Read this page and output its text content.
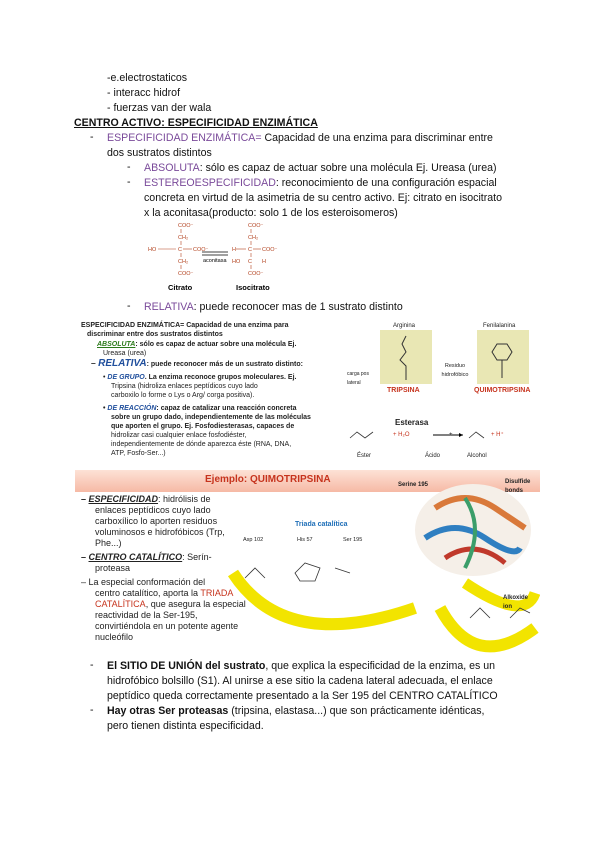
-e.electrostaticos
- interacc hidrof
- fuerzas van der wala
CENTRO ACTIVO: ESPECIFICIDAD ENZIMÁTICA
- ESPECIFICIDAD ENZIMÁTICA= Capacidad de una enzima para discriminar entre
dos sustratos distintos
- ABSOLUTA: sólo es capaz de actuar sobre una molécula Ej. Ureasa (urea)
- ESTEREOESPECIFICIDAD: reconocimiento de una configuración espacial
concreta en virtud de la asimetria de su centro activo. Ej: citrato en isocitrato
x la aconitasa(producto: solo 1 de los esteroisomeros)
COO⁻
CH₂
HO	C COO⁻
CH₂
COO⁻
COO⁻
CH₂
H C COO⁻
HO C H
COO⁻
aconitasa
Citrato	Isocitrato
- RELATIVA: puede reconocer mas de 1 sustrato distinto
ESPECIFICIDAD ENZIMÁTICA= Capacidad de una enzima para
discriminar entre dos sustratos distintos
ABSOLUTA: sólo es capaz de actuar sobre una molécula Ej.
Ureasa (urea)
– RELATIVA: puede reconocer más de un sustrato distinto:
• DE GRUPO. La enzima reconoce grupos moleculares. Ej.
Tripsina (hidroliza enlaces peptídicos cuyo lado
carboxilo lo forme o Lys o Arg/ corga positiva).
• DE REACCIÓN: capaz de catalizar una reacción concreta
sobre un grupo dado, independientemente de las moléculas
que aporten el grupo. Ej. Fosfodiesterasas, capaces de
hidrolizar casi cualquier enlace fosfodiéster,
independientemente de dónde aparezca éste (RNA, DNA,
ATP, Fosfo-Ser...)
Arginina	Fenilalanina
Residuo hidrofóbico
carga pos lateral
TRIPSINA	QUIMOTRIPSINA
Esterasa
+ H₂O	+ H⁺
+
Éster	Ácido	Alcohol
Ejemplo: QUIMOTRIPSINA
– ESPECIFICIDAD: hidrólisis de
enlaces peptídicos cuyo lado
carboxílico lo aporten residuos
voluminosos e hidrofóbicos (Trp,
Phe...)
– CENTRO CATALÍTICO: Serín-
proteasa
– La especial conformación del
centro catalítico, aporta la TRIADA
CATALÍTICA, que asegura la especial
reactividad de la Ser-195,
convirtiéndola en un potente agente
nucleófilo
Triada catalítica
Asp 102	His 57	Ser 195
Serine 195	Disulfide bonds
Alkoxide ion
- El SITIO DE UNIÓN del sustrato, que explica la especificidad de la enzima, es un
hidrofóbico bolsillo (S1). Al unirse a ese sitio la cadena lateral adecuada, el enlace
peptídico queda correctamente presentado a la Ser 195 del CENTRO CATALÍTICO
- Hay otras Ser proteasas (tripsina, elastasa...) que son prácticamente idénticas,
pero tienen distinta especificidad.
